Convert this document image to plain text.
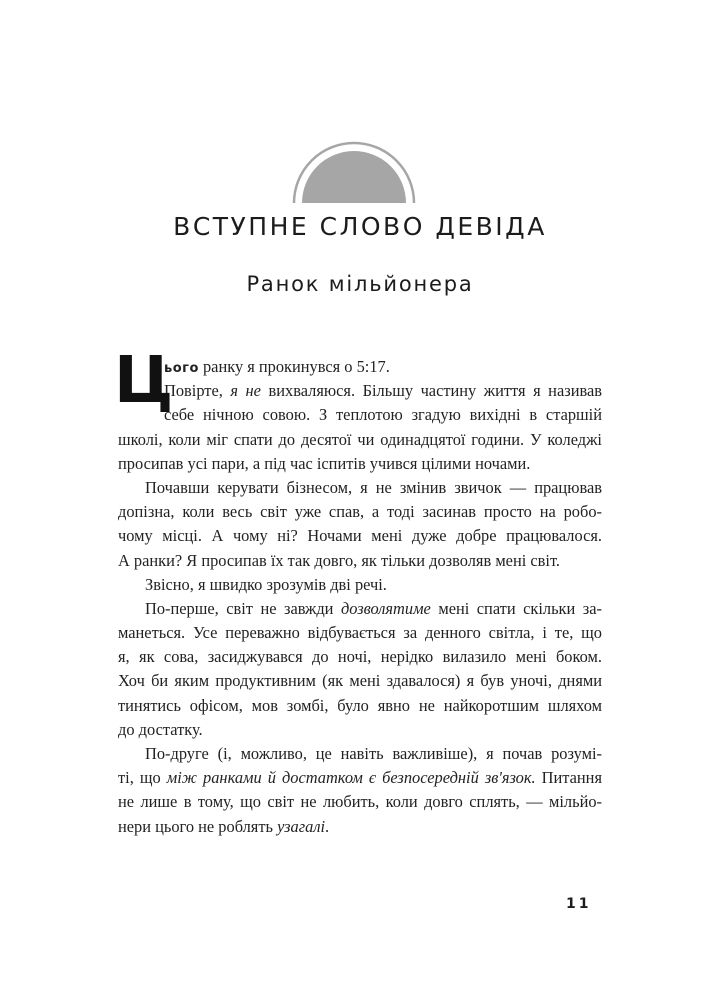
ВСТУПНЕ СЛОВО ДЕВІДА
Ранок мільйонера
Ц
ього ранку я прокинувся о 5:17.
Повірте, я не вихваляюся. Більшу частину життя я називав
себе нічною совою. З теплотою згадую вихідні в старшій
школі, коли міг спати до десятої чи одинадцятої години. У коледжі
просипав усі пари, а під час іспитів учився цілими ночами.
Почавши керувати бізнесом, я не змінив звичок — працював
допізна, коли весь світ уже спав, а тоді засинав просто на робо-
чому місці. А чому ні? Ночами мені дуже добре працювалося.
А ранки? Я просипав їх так довго, як тільки дозволяв мені світ.
Звісно, я швидко зрозумів дві речі.
По-перше, світ не завжди дозволятиме мені спати скільки за-
манеться. Усе переважно відбувається за денного світла, і те, що
я, як сова, засиджувався до ночі, нерідко вилазило мені боком.
Хоч би яким продуктивним (як мені здавалося) я був уночі, днями
тинятись офісом, мов зомбі, було явно не найкоротшим шляхом
до достатку.
По-друге (і, можливо, це навіть важливіше), я почав розумі-
ті, що між ранками й достатком є безпосередній зв'язок. Питання
не лише в тому, що світ не любить, коли довго сплять, — мільйо-
нери цього не роблять узагалі.
11
